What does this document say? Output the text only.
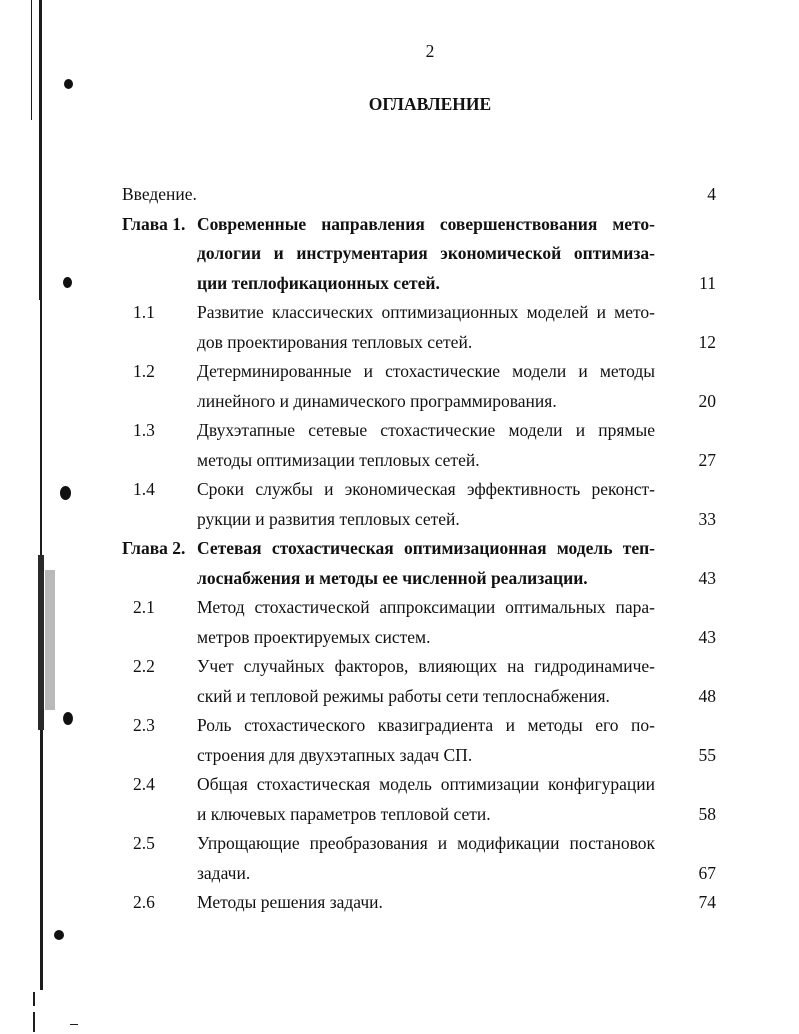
2
ОГЛАВЛЕНИЕ
Введение.	4
Глава 1. Современные направления совершенствования мето-
дологии и инструментария экономической оптимиза-
ции теплофикационных сетей.	11
1.1	Развитие классических оптимизационных моделей и мето-
дов проектирования тепловых сетей.	12
1.2	Детерминированные и стохастические модели и методы
линейного и динамического программирования.	20
1.3	Двухэтапные сетевые стохастические модели и прямые
методы оптимизации тепловых сетей.	27
1.4	Сроки службы и экономическая эффективность реконст-
рукции и развития тепловых сетей.	33
Глава 2. Сетевая стохастическая оптимизационная модель теп-
лоснабжения и методы ее численной реализации.	43
2.1	Метод стохастической аппроксимации оптимальных пара-
метров проектируемых систем.	43
2.2	Учет случайных факторов, влияющих на гидродинамиче-
ский и тепловой режимы работы сети теплоснабжения.	48
2.3	Роль стохастического квазиградиента и методы его по-
строения для двухэтапных задач СП.	55
2.4	Общая стохастическая модель оптимизации конфигурации
и ключевых параметров тепловой сети.	58
2.5	Упрощающие преобразования и модификации постановок
задачи.	67
2.6	Методы решения задачи.	74
